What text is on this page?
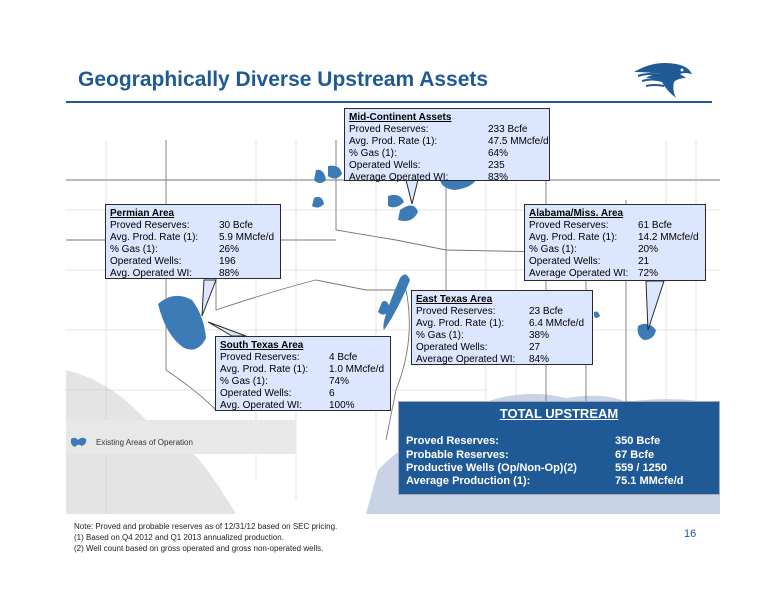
Geographically Diverse Upstream Assets
Mid-Continent Assets
Proved Reserves:	233 Bcfe
Avg. Prod. Rate (1):	47.5 MMcfe/d
% Gas (1):	64%
Operated Wells:	235
Average Operated WI:	83%
Permian Area
Proved Reserves:	30 Bcfe
Avg. Prod. Rate (1): 5.9 MMcfe/d
% Gas (1):	26%
Operated Wells:	196
Avg. Operated WI:	88%
Alabama/Miss. Area
Proved Reserves:	61 Bcfe
Avg. Prod. Rate (1): 14.2 MMcfe/d
% Gas (1):	20%
Operated Wells:	21
Average Operated WI: 72%
East Texas Area
Proved Reserves:	23 Bcfe
Avg. Prod. Rate (1): 6.4 MMcfe/d
% Gas (1):	38%
Operated Wells:	27
Average Operated WI: 84%
South Texas Area
Proved Reserves:	4 Bcfe
Avg. Prod. Rate (1): 1.0 MMcfe/d
% Gas (1):	74%
Operated Wells:	6
Avg. Operated WI:	100%
Existing Areas of Operation
TOTAL UPSTREAM
Proved Reserves:	350 Bcfe
Probable Reserves:	67 Bcfe
Productive Wells (Op/Non-Op)(2)	559 / 1250
Average Production (1):	75.1 MMcfe/d
Note: Proved and probable reserves as of 12/31/12 based on SEC pricing.
(1) Based on Q4 2012 and Q1 2013 annualized production.
(2) Well count based on gross operated and gross non-operated wells.
16
